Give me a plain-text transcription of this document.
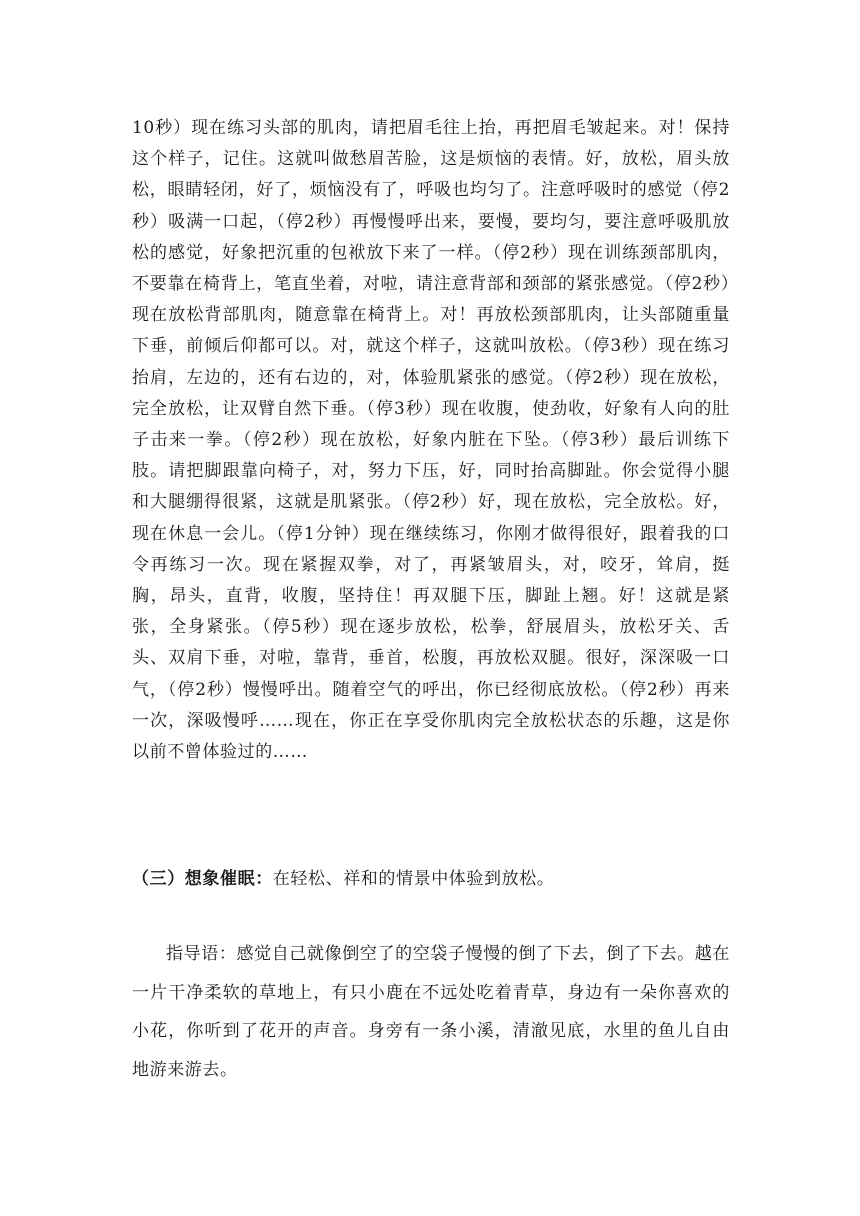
10秒）现在练习头部的肌肉，请把眉毛往上抬，再把眉毛皱起来。对！保持这个样子，记住。这就叫做愁眉苦脸，这是烦恼的表情。好，放松，眉头放松，眼睛轻闭，好了，烦恼没有了，呼吸也均匀了。注意呼吸时的感觉（停2秒）吸满一口起，（停2秒）再慢慢呼出来，要慢，要均匀，要注意呼吸肌放松的感觉，好象把沉重的包袱放下来了一样。（停2秒）现在训练颈部肌肉，不要靠在椅背上，笔直坐着，对啦，请注意背部和颈部的紧张感觉。（停2秒）现在放松背部肌肉，随意靠在椅背上。对！再放松颈部肌肉，让头部随重量下垂，前倾后仰都可以。对，就这个样子，这就叫放松。（停3秒）现在练习抬肩，左边的，还有右边的，对，体验肌紧张的感觉。（停2秒）现在放松，完全放松，让双臂自然下垂。（停3秒）现在收腹，使劲收，好象有人向的肚子击来一拳。（停2秒）现在放松，好象内脏在下坠。（停3秒）最后训练下肢。请把脚跟靠向椅子，对，努力下压，好，同时抬高脚趾。你会觉得小腿和大腿绷得很紧，这就是肌紧张。（停2秒）好，现在放松，完全放松。好，现在休息一会儿。（停1分钟）现在继续练习，你刚才做得很好，跟着我的口令再练习一次。现在紧握双拳，对了，再紧皱眉头，对，咬牙，耸肩，挺胸，昂头，直背，收腹，坚持住！再双腿下压，脚趾上翘。好！这就是紧张，全身紧张。（停5秒）现在逐步放松，松拳，舒展眉头，放松牙关、舌头、双肩下垂，对啦，靠背，垂首，松腹，再放松双腿。很好，深深吸一口气，（停2秒）慢慢呼出。随着空气的呼出，你已经彻底放松。（停2秒）再来一次，深吸慢呼……现在，你正在享受你肌肉完全放松状态的乐趣，这是你以前不曾体验过的……

（三）想象催眠：在轻松、祥和的情景中体验到放松。

指导语：感觉自己就像倒空了的空袋子慢慢的倒了下去，倒了下去。越在一片干净柔软的草地上，有只小鹿在不远处吃着青草，身边有一朵你喜欢的小花，你听到了花开的声音。身旁有一条小溪，清澈见底，水里的鱼儿自由地游来游去。
